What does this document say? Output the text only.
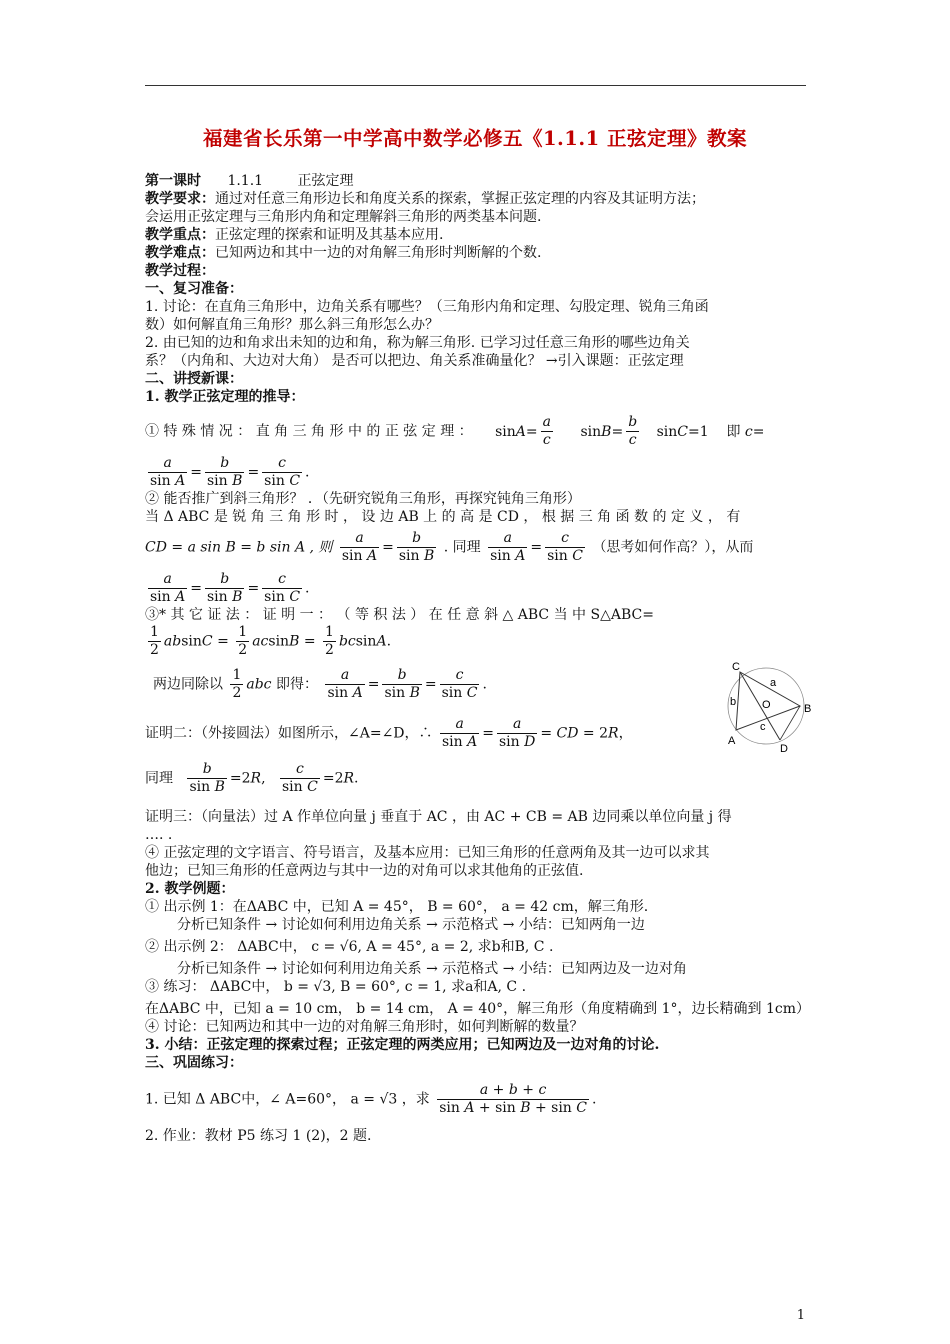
福建省长乐第一中学高中数学必修五《1.1.1 正弦定理》教案
第一课时 1.1.1 正弦定理
教学要求：通过对任意三角形边长和角度关系的探索，掌握正弦定理的内容及其证明方法；
会运用正弦定理与三角形内角和定理解斜三角形的两类基本问题.
教学重点：正弦定理的探索和证明及其基本应用.
教学难点：已知两边和其中一边的对角解三角形时判断解的个数.
教学过程：
一、复习准备：
1. 讨论：在直角三角形中，边角关系有哪些？（三角形内角和定理、勾股定理、锐角三角函
数）如何解直角三角形？那么斜三角形怎么办？
2. 由已知的边和角求出未知的边和角，称为解三角形. 已学习过任意三角形的哪些边角关
系？（内角和、大边对大角） 是否可以把边、角关系准确量化？ →引入课题：正弦定理
二、讲授新课：
1. 教学正弦定理的推导：
① 特 殊 情 况 ： 直 角 三 角 形 中 的 正 弦 定 理 ： $\sin A= \frac{a}{c} \sin B= \frac{b}{c} \sin C=1$    即 c=
$\frac{a}{\text{sin A}} = \frac{b}{\text{sin B}} = \frac{c}{\text{sin C}}$ .
② 能否推广到斜三角形？ ．（先研究锐角三角形，再探究钝角三角形）
当 Δ ABC 是 锐 角 三 角 形 时 ， 设 边 AB 上 的 高 是 CD ， 根 据 三 角 函 数 的 定 义 ， 有
CD = a sin B = b sin A , 则 $\frac{a}{\text{sin A}} = \frac{b}{\text{sin B}}$ . 同理 $\frac{a}{\text{sin A}} = \frac{c}{\text{sin C}}$ （思考如何作高？），从而
$\frac{a}{\text{sin A}} = \frac{b}{\text{sin B}} = \frac{c}{\text{sin C}}$ .
③* 其 它 证 法 ： 证 明 一 ： （ 等 积 法 ） 在 任 意 斜 △ ABC 当 中 S△ABC=
$\frac{1}{2}$ $absinC = \frac{1}{2}$ $acsinB = \frac{1}{2} bcsinA$.
两边同除以 $\frac{1}{2}$ abc 即得： $\frac{a}{\text{sin A}} = \frac{b}{\text{sin B}} = \frac{c}{\text{sin C}}$ .
证明二：（外接圆法）如图所示，∠A=∠D，∴ $\frac{a}{\text{sin A}} = \frac{a}{\text{sin D}}$ = CD = 2R，
同理 $\frac{b}{\text{sin B}} =2R$, $\frac{c}{\text{sin C}} =2R$.
证明三：（向量法）过 A 作单位向量 j 垂直于 AC ，由 AC + CB = AB 边同乘以单位向量 j 得
…. .
④ 正弦定理的文字语言、符号语言，及基本应用：已知三角形的任意两角及其一边可以求其
他边；已知三角形的任意两边与其中一边的对角可以求其他角的正弦值.
2. 教学例题：
① 出示例 1：在ΔABC 中，已知 A = 45°， B = 60°， a = 42 cm，解三角形.
分析已知条件 → 讨论如何利用边角关系 → 示范格式 → 小结：已知两角一边
② 出示例 2： ΔABC中， c = √6, A = 45°, a = 2, 求b和B, C .
分析已知条件 → 讨论如何利用边角关系 → 示范格式 → 小结：已知两边及一边对角
③ 练习： ΔABC中， b = √3, B = 60°, c = 1, 求a和A, C .
在ΔABC 中，已知 a = 10 cm， b = 14 cm， A = 40°，解三角形（角度精确到 1°，边长精确到 1cm）
④ 讨论：已知两边和其中一边的对角解三角形时，如何判断解的数量？
3. 小结：正弦定理的探索过程；正弦定理的两类应用；已知两边及一边对角的讨论.
三、巩固练习：
1. 已知 Δ ABC中，∠ A=60°， a = √3 ，求 $\frac{a + b + c}{\text{sin A + sin B + sin C}}$ .
2. 作业：教材 P5 练习 1 (2)，2 题.
C
a
b O
c
A
B
D
1
